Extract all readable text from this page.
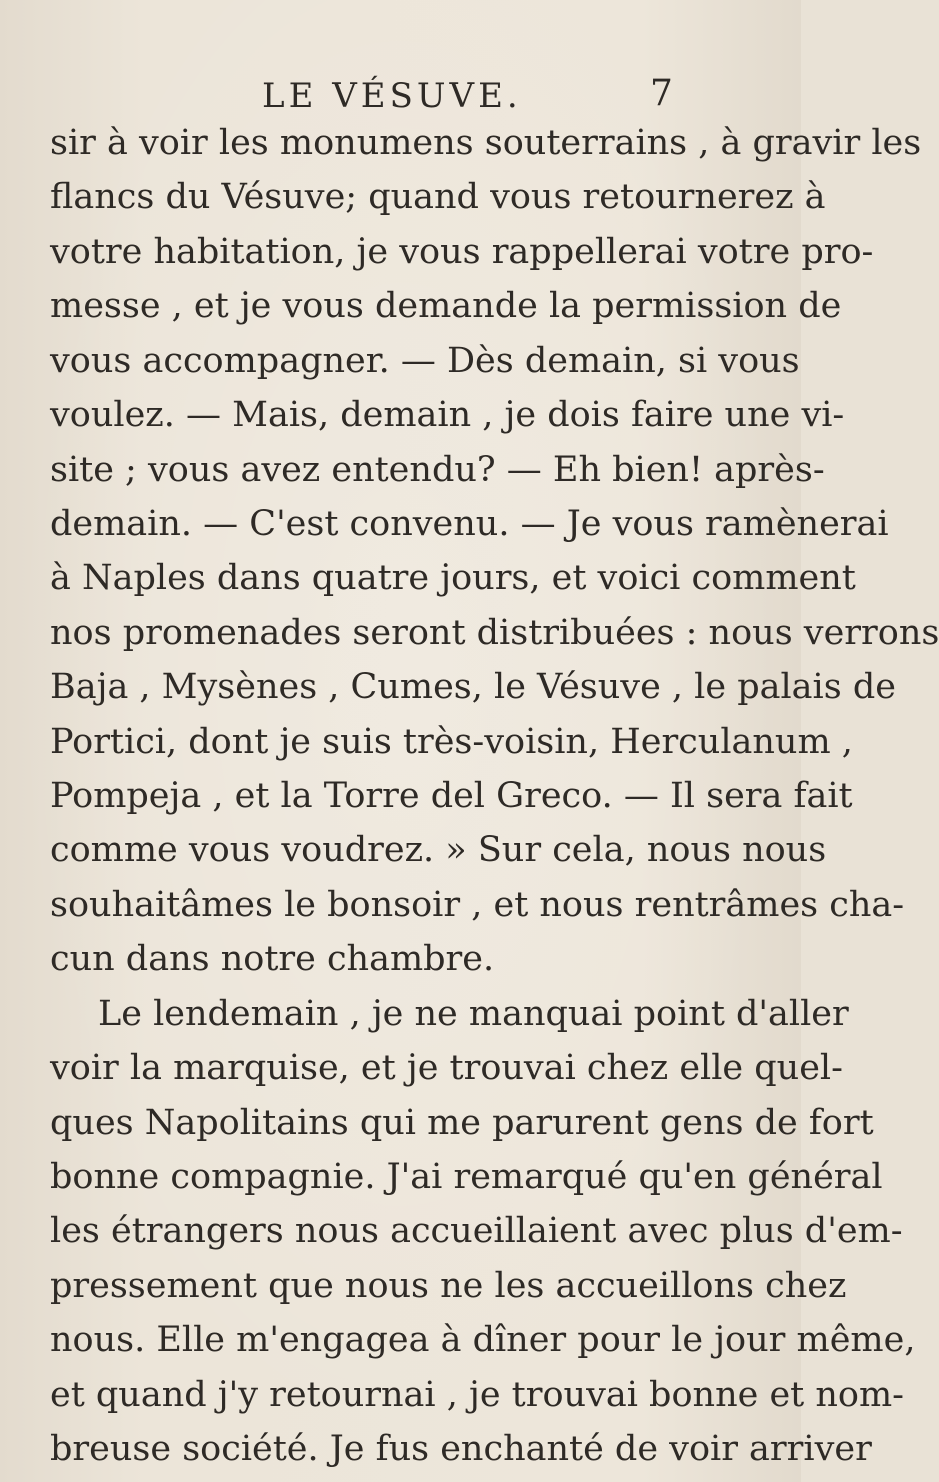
LE VÉSUVE.	7
sir à voir les monumens souterrains , à gravir les
flancs du Vésuve; quand vous retournerez à
votre habitation, je vous rappellerai votre pro-
messe , et je vous demande la permission de
vous accompagner. — Dès demain, si vous
voulez. — Mais, demain , je dois faire une vi-
site ; vous avez entendu? — Eh bien! après-
demain. — C'est convenu. — Je vous ramènerai
à Naples dans quatre jours, et voici comment
nos promenades seront distribuées : nous verrons
Baja , Mysènes , Cumes, le Vésuve , le palais de
Portici, dont je suis très-voisin, Herculanum ,
Pompeja , et la Torre del Greco. — Il sera fait
comme vous voudrez. » Sur cela, nous nous
souhaitâmes le bonsoir , et nous rentrâmes cha-
cun dans notre chambre.
Le lendemain , je ne manquai point d'aller
voir la marquise, et je trouvai chez elle quel-
ques Napolitains qui me parurent gens de fort
bonne compagnie. J'ai remarqué qu'en général
les étrangers nous accueillaient avec plus d'em-
pressement que nous ne les accueillons chez
nous. Elle m'engagea à dîner pour le jour même,
et quand j'y retournai , je trouvai bonne et nom-
breuse société. Je fus enchanté de voir arriver
